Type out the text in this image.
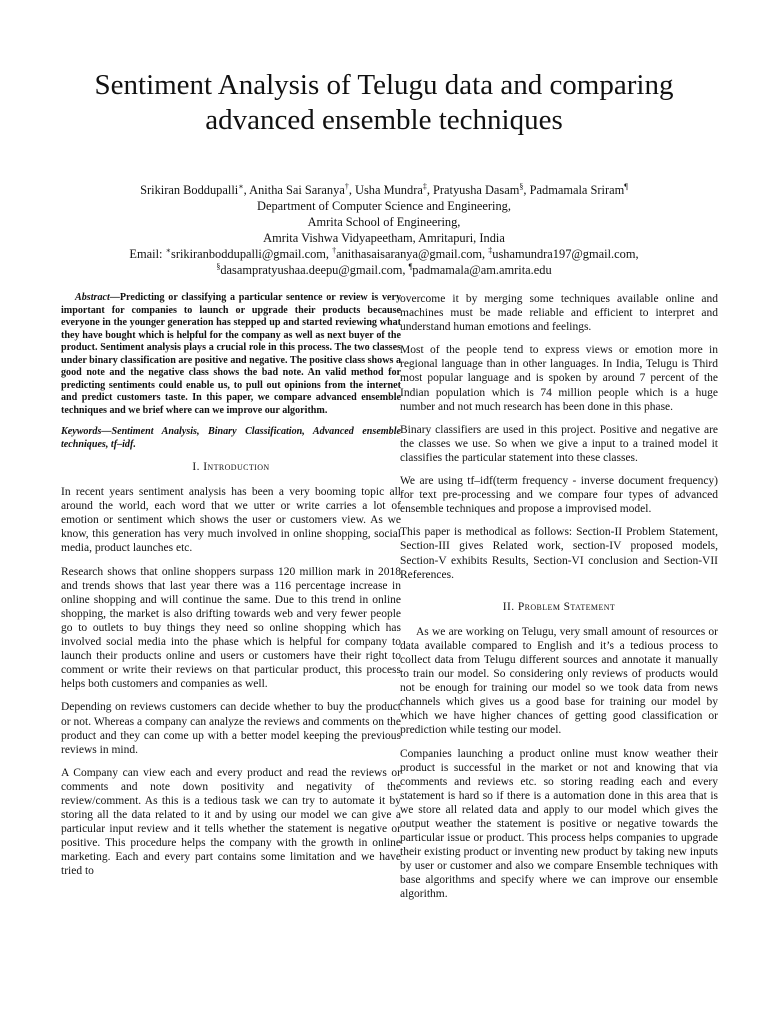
Sentiment Analysis of Telugu data and comparing
advanced ensemble techniques
Srikiran Boddupalli∗, Anitha Sai Saranya†, Usha Mundra‡, Pratyusha Dasam§, Padmamala Sriram¶
Department of Computer Science and Engineering,
Amrita School of Engineering,
Amrita Vishwa Vidyapeetham, Amritapuri, India
Email: ∗srikiranboddupalli@gmail.com, †anithasaisaranya@gmail.com, ‡ushamundra197@gmail.com,
§dasampratyushaa.deepu@gmail.com, ¶padmamala@am.amrita.edu

Abstract—Predicting or classifying a particular sentence or review is very important for companies to launch or upgrade their products because everyone in the younger generation has stepped up and started reviewing what they have bought which is helpful for the company as well as next buyer of the product. Sentiment analysis plays a crucial role in this process. The two classes under binary classification are positive and negative. The positive class shows a good note and the negative class shows the bad note. An valid method for predicting sentiments could enable us, to pull out opinions from the internet and predict customers taste. In this paper, we compare advanced ensemble techniques and we brief where can we improve our algorithm.

Keywords—Sentiment Analysis, Binary Classification, Advanced ensemble techniques, tf–idf.

I. Introduction

In recent years sentiment analysis has been a very booming topic all around the world, each word that we utter or write carries a lot of emotion or sentiment which shows the user or customers view. As we know, this generation has very much involved in online shopping, social media, product launches etc.

Research shows that online shoppers surpass 120 million mark in 2018 and trends shows that last year there was a 116 percentage increase in online shopping and will continue the same. Due to this trend in online shopping, the market is also drifting towards web and very fewer people go to outlets to buy things they need so online shopping which has involved social media into the phase which is helpful for company to launch their products online and users or customers have their right to comment or write their reviews on that particular product, this process helps both customers and companies as well.

Depending on reviews customers can decide whether to buy the product or not. Whereas a company can analyze the reviews and comments on the product and they can come up with a better model keeping the previous reviews in mind.

A Company can view each and every product and read the reviews or comments and note down positivity and negativity of the review/comment. As this is a tedious task we can try to automate it by storing all the data related to it and by using our model we can give a particular input review and it tells whether the statement is negative or positive. This procedure helps the company with the growth in online marketing. Each and every part contains some limitation and we have tried to

overcome it by merging some techniques available online and machines must be made reliable and efficient to interpret and understand human emotions and feelings.

Most of the people tend to express views or emotion more in regional language than in other languages. In India, Telugu is Third most popular language and is spoken by around 7 percent of the Indian population which is 74 million people which is a huge number and not much research has been done in this phase.

Binary classifiers are used in this project. Positive and negative are the classes we use. So when we give a input to a trained model it classifies the particular statement into these classes.

We are using tf–idf(term frequency - inverse document frequency) for text pre-processing and we compare four types of advanced ensemble techniques and propose a improvised model.

This paper is methodical as follows: Section-II Problem Statement, Section-III gives Related work, section-IV proposed models, Section-V exhibits Results, Section-VI conclusion and Section-VII References.

II. Problem Statement

As we are working on Telugu, very small amount of resources or data available compared to English and it’s a tedious process to collect data from Telugu different sources and annotate it manually to train our model. So considering only reviews of products would not be enough for training our model so we took data from news channels which gives us a good base for training our model by which we have higher chances of getting good classification or prediction while testing our model.

Companies launching a product online must know weather their product is successful in the market or not and knowing that via comments and reviews etc. so storing reading each and every statement is hard so if there is a automation done in this area that is we store all related data and apply to our model which gives the output weather the statement is positive or negative towards the particular issue or product. This process helps companies to upgrade their existing product or inventing new product by taking new inputs by user or customer and also we compare Ensemble techniques with base algorithms and specify where we can improve our ensemble algorithm.
